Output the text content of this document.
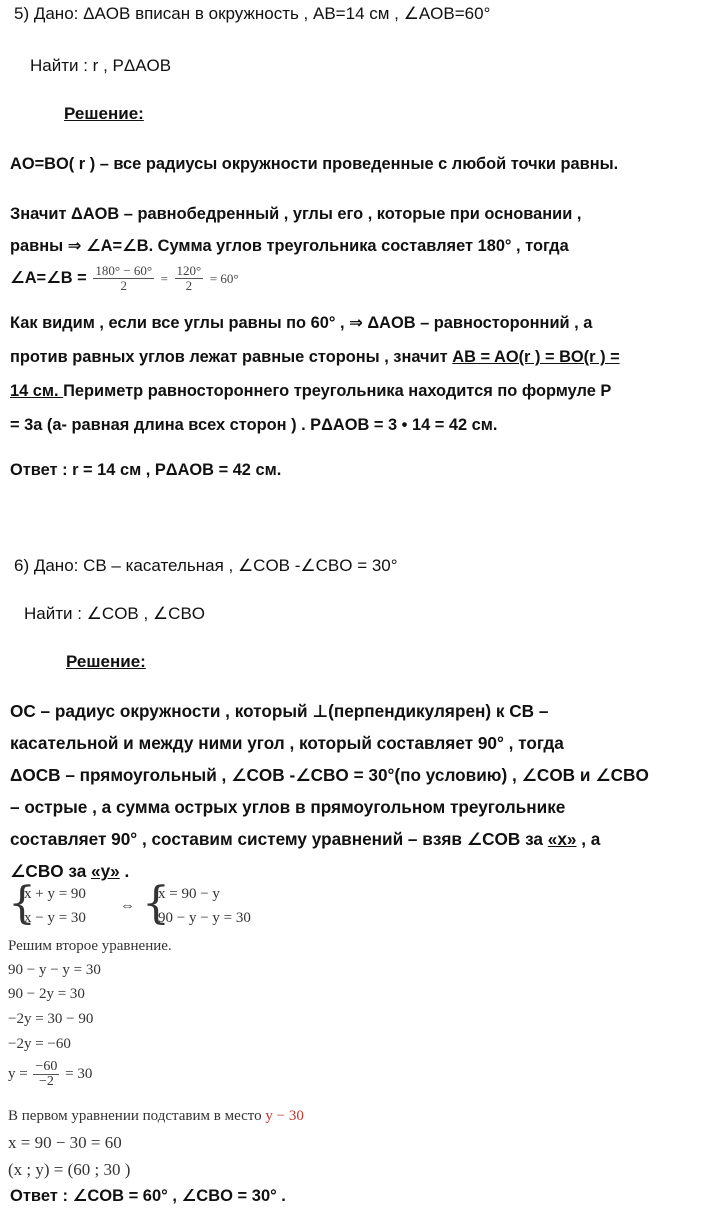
5) Дано: ΔAOB вписан в окружность , AB=14 см , ∠AOB=60°
Найти : r , PΔAOB
Решение:
AO=BO( r ) – все радиусы окружности проведенные с любой точки равны.
Значит ΔAOB – равнобедренный , углы его , которые при основании ,
равны ⇒ ∠A=∠B. Сумма углов треугольника составляет 180° , тогда
∠A=∠B = $\frac{180^\circ - 60^\circ}{2} = \frac{120^\circ}{2} = 60^\circ$
Как видим , если все углы равны по 60° , ⇒ ΔAOB – равносторонний , а
против равных углов лежат равные стороны , значит AB = AO(r ) = BO(r ) =
14 см. Периметр равностороннего треугольника находится по формуле P
= 3a (a- равная длина всех сторон ) . PΔAOB = 3 • 14 = 42 см.
Ответ : r = 14 см , PΔAOB = 42 см.
6) Дано: CB – касательная , ∠COB -∠CBO = 30°
Найти : ∠COB , ∠CBO
Решение:
OC – радиус окружности , который ⊥(перпендикулярен) к CB –
касательной и между ними угол , который составляет 90° , тогда
ΔOCB – прямоугольный , ∠COB -∠CBO = 30°(по условию) , ∠COB и ∠CBO
– острые , а сумма острых углов в прямоугольном треугольнике
составляет 90° , составим систему уравнений – взяв ∠COB за «x» , а
∠CBO за «y» .
{
x + y = 90
x − y = 30
⇔ {
x = 90 − y
90 − y − y = 30
Решим второе уравнение.
90 − y − y = 30
90 − 2y = 30
−2y = 30 − 90
−2y = −60
$y = \frac{-60}{-2} = 30$
В первом уравнении подставим в место y − 30
x = 90 − 30 = 60
(x ; y) = (60 ; 30 )
Ответ : ∠COB = 60° , ∠CBO = 30° .
